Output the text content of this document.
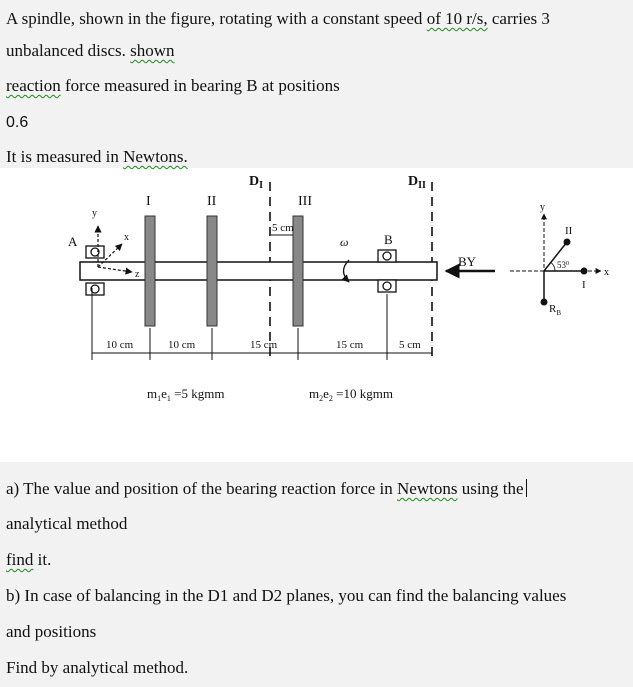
A spindle, shown in the figure, rotating with a constant speed of 10 r/s, carries 3
unbalanced discs. shown
reaction force measured in bearing B at positions
0.6
It is measured in Newtons.
$D_I$	$D_{II}$
I	II	III
A	B
y
x
z
5 cm
ω
BY
10 cm	10 cm	15 cm	15 cm	5 cm
$m_1e_1 =5$ kgmm	$m_2e_2 =10$ kgmm
y
x
II
I
$53^0$
$R_B$
a) The value and position of the bearing reaction force in Newtons using the
analytical method
find it.
b) In case of balancing in the D1 and D2 planes, you can find the balancing values
and positions
Find by analytical method.
